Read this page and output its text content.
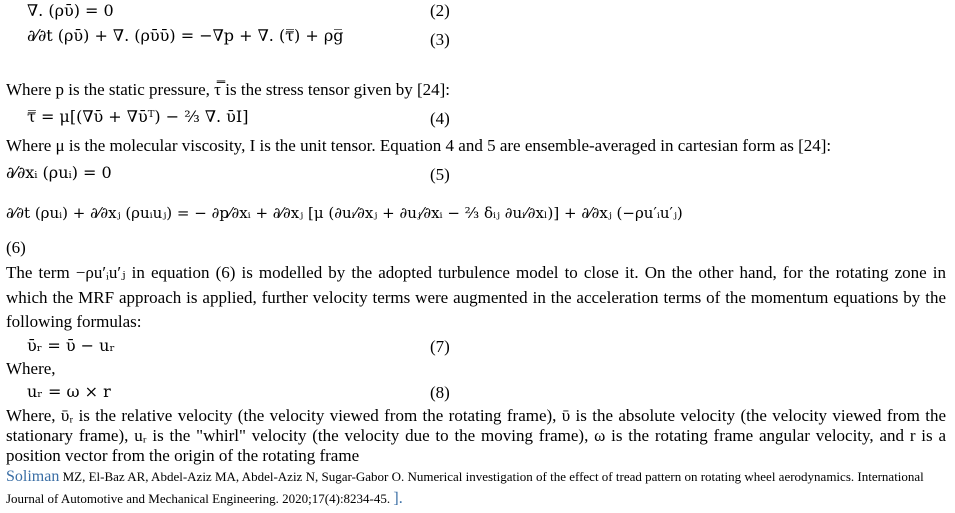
∇. (ρῡ) = 0	(2)
∂⁄∂t (ρῡ) + ∇. (ρῡῡ) = −∇p + ∇. (τ̿) + ρg̅	(3)
Where p is the static pressure, τ̿ is the stress tensor given by [24]:
τ̿ = μ[(∇ῡ + ∇ῡᵀ) − ⅔ ∇. ῡI]	(4)
Where μ is the molecular viscosity, I is the unit tensor. Equation 4 and 5 are ensemble-averaged in cartesian form as [24]:
∂⁄∂xᵢ (ρuᵢ) = 0	(5)
∂⁄∂t (ρuᵢ) + ∂⁄∂xⱼ (ρuᵢuⱼ) = − ∂p⁄∂xᵢ + ∂⁄∂xⱼ [μ (∂uᵢ⁄∂xⱼ + ∂uⱼ⁄∂xᵢ − ⅔ δᵢⱼ ∂uᵢ⁄∂xₗ)] + ∂⁄∂xⱼ (−ρu′ᵢu′ⱼ)
(6)
The term −ρu′ᵢu′ⱼ in equation (6) is modelled by the adopted turbulence model to close it. On the other hand, for the rotating zone in which the MRF approach is applied, further velocity terms were augmented in the acceleration terms of the momentum equations by the following formulas:
ῡᵣ = ῡ − uᵣ	(7)
Where,
uᵣ = ω × r	(8)
Where, ῡᵣ is the relative velocity (the velocity viewed from the rotating frame), ῡ is the absolute velocity (the velocity viewed from the stationary frame), uᵣ is the "whirl" velocity (the velocity due to the moving frame), ω is the rotating frame angular velocity, and r is a position vector from the origin of the rotating frame
Soliman MZ, El-Baz AR, Abdel-Aziz MA, Abdel-Aziz N, Sugar-Gabor O. Numerical investigation of the effect of tread pattern on rotating wheel aerodynamics. International Journal of Automotive and Mechanical Engineering. 2020;17(4):8234-45. ].
